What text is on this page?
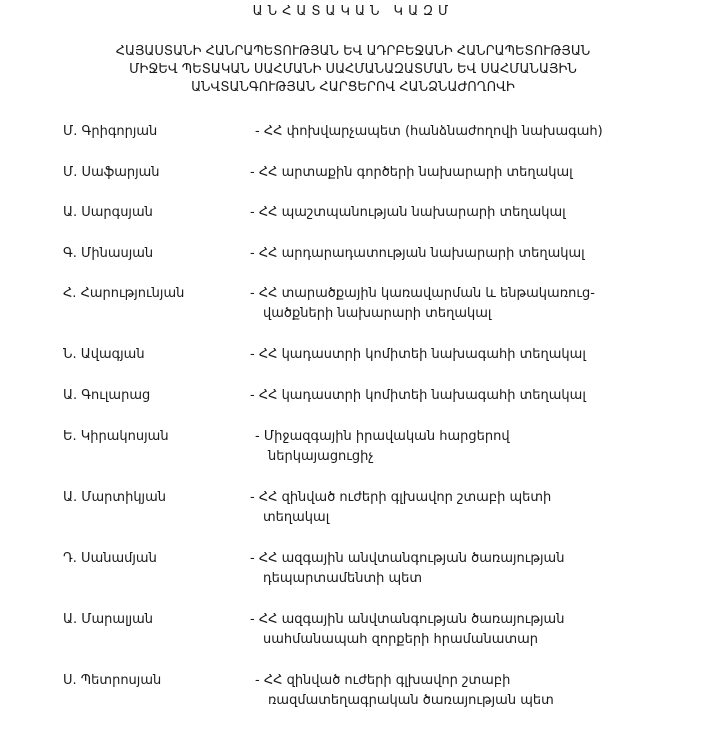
ԱՆՀԱՏԱԿԱՆ ԿԱԶՄ
ՀԱՅԱՍՏԱՆԻ ՀԱՆՐԱՊԵՏՈՒԹՅԱՆ ԵՎ ԱԴՐԲԵՋԱՆԻ ՀԱՆՐԱՊԵՏՈՒԹՅԱՆ
ՄԻՋԵՎ ՊԵՏԱԿԱՆ ՍԱՀՄԱՆԻ ՍԱՀՄԱՆԱԶԱՏՄԱՆ ԵՎ ՍԱՀՄԱՆԱՅԻՆ
ԱՆՎՏԱՆԳՈՒԹՅԱՆ ՀԱՐՑԵՐՈՎ ՀԱՆՁՆԱԺՈՂՈՎԻ
Մ. Գրիգորյան	- ՀՀ փոխվարչապետ (հանձնաժողովի նախագահ)
Մ. Սաֆարյան	- ՀՀ արտաքին գործերի նախարարի տեղակալ
Ա. Սարգսյան	- ՀՀ պաշտպանության նախարարի տեղակալ
Գ. Մինասյան	- ՀՀ արդարադատության նախարարի տեղակալ
Հ. Հարությունյան	- ՀՀ տարածքային կառավարման և ենթակառուց-
վածքների նախարարի տեղակալ
Ն. Ավագյան	- ՀՀ կադաստրի կոմիտեի նախագահի տեղակալ
Ա. Գուլարաց	- ՀՀ կադաստրի կոմիտեի նախագահի տեղակալ
Ե. Կիրակոսյան	- Միջազգային իրավական հարցերով
ներկայացուցիչ
Ա. Մարտիկյան	- ՀՀ զինված ուժերի գլխավոր շտաբի պետի
տեղակալ
Դ. Սանամյան	- ՀՀ ազգային անվտանգության ծառայության
դեպարտամենտի պետ
Ա. Մարալյան	- ՀՀ ազգային անվտանգության ծառայության
սահմանապահ զորքերի հրամանատար
Ս. Պետրոսյան	- ՀՀ զինված ուժերի գլխավոր շտաբի
ռազմատեղագրական ծառայության պետ
